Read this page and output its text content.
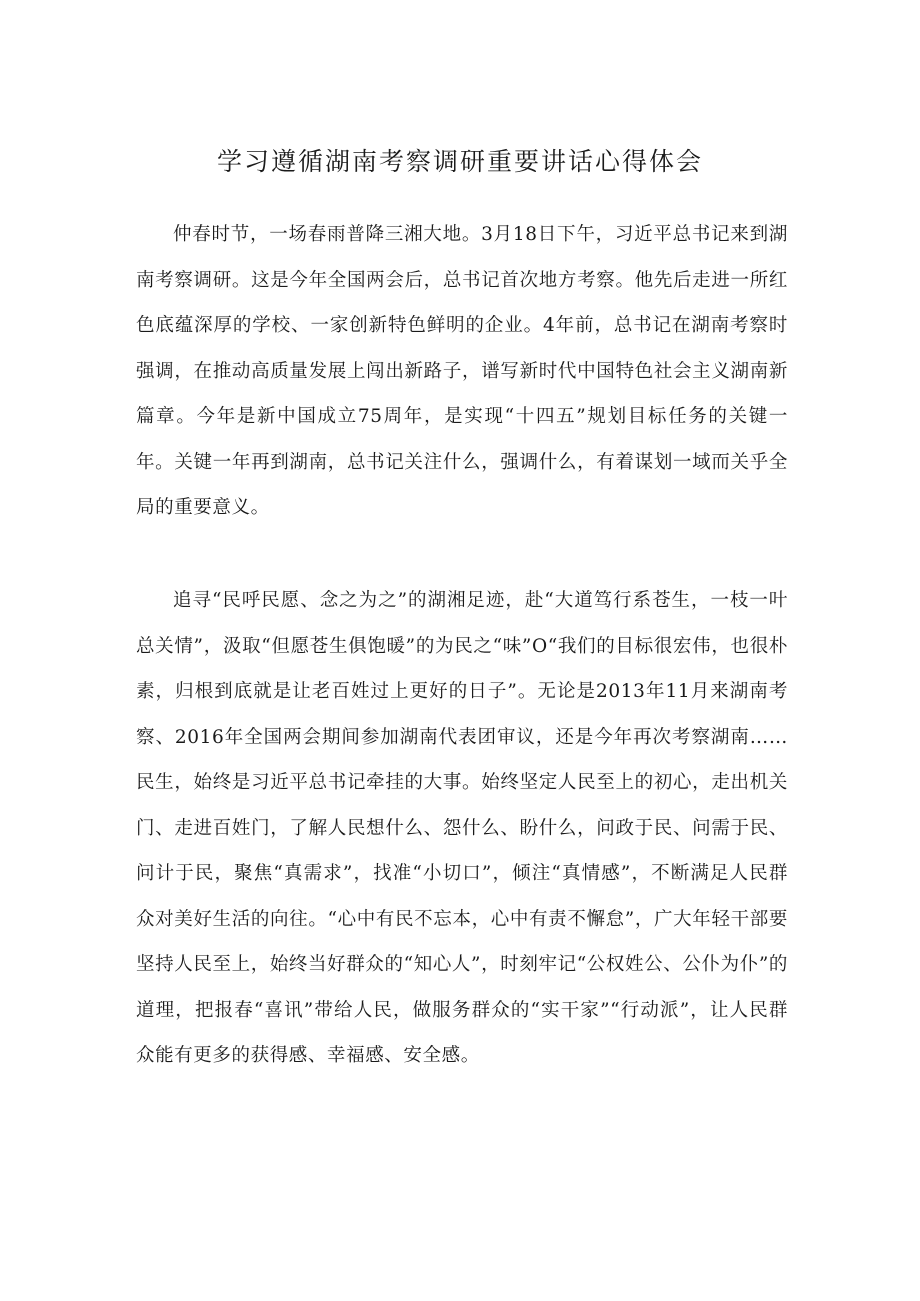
学习遵循湖南考察调研重要讲话心得体会

仲春时节，一场春雨普降三湘大地。3月18日下午，习近平总书记来到湖南考察调研。这是今年全国两会后，总书记首次地方考察。他先后走进一所红色底蕴深厚的学校、一家创新特色鲜明的企业。4年前，总书记在湖南考察时强调，在推动高质量发展上闯出新路子，谱写新时代中国特色社会主义湖南新篇章。今年是新中国成立75周年，是实现“十四五”规划目标任务的关键一年。关键一年再到湖南，总书记关注什么，强调什么，有着谋划一域而关乎全局的重要意义。

追寻“民呼民愿、念之为之”的湖湘足迹，赴“大道笃行系苍生，一枝一叶总关情”，汲取“但愿苍生俱饱暖”的为民之“味”O“我们的目标很宏伟，也很朴素，归根到底就是让老百姓过上更好的日子”。无论是2013年11月来湖南考察、2016年全国两会期间参加湖南代表团审议，还是今年再次考察湖南……民生，始终是习近平总书记牵挂的大事。始终坚定人民至上的初心，走出机关门、走进百姓门，了解人民想什么、怨什么、盼什么，问政于民、问需于民、问计于民，聚焦“真需求”，找准“小切口”，倾注“真情感”，不断满足人民群众对美好生活的向往。“心中有民不忘本，心中有责不懈怠”，广大年轻干部要坚持人民至上，始终当好群众的“知心人”，时刻牢记“公权姓公、公仆为仆”的道理，把报春“喜讯”带给人民，做服务群众的“实干家”“行动派”，让人民群众能有更多的获得感、幸福感、安全感。
